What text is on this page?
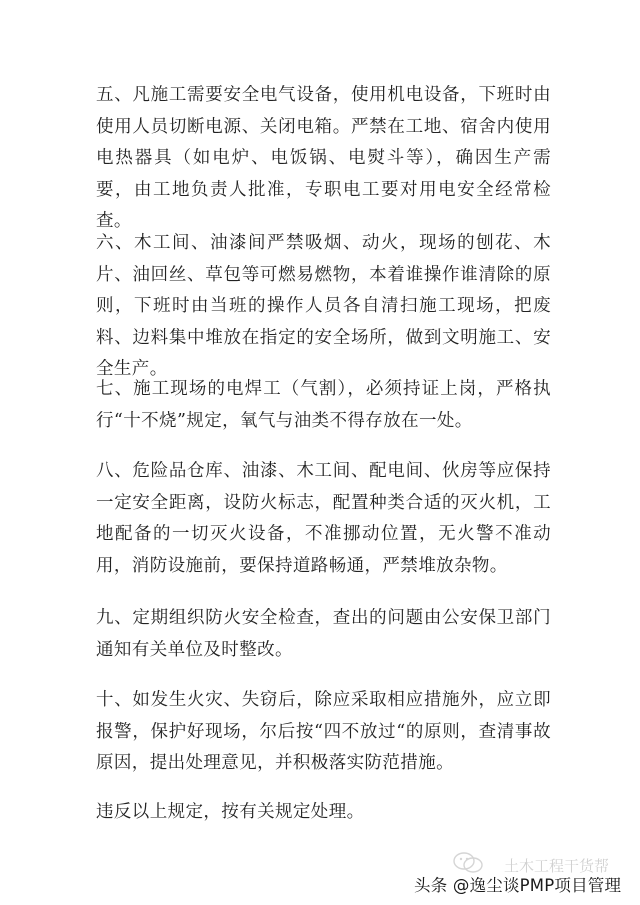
五、凡施工需要安全电气设备，使用机电设备，下班时由使用人员切断电源、关闭电箱。严禁在工地、宿舍内使用电热器具（如电炉、电饭锅、电熨斗等），确因生产需要，由工地负责人批准，专职电工要对用电安全经常检查。

六、木工间、油漆间严禁吸烟、动火，现场的刨花、木片、油回丝、草包等可燃易燃物，本着谁操作谁清除的原则，下班时由当班的操作人员各自清扫施工现场，把废料、边料集中堆放在指定的安全场所，做到文明施工、安全生产。

七、施工现场的电焊工（气割），必须持证上岗，严格执行“十不烧”规定，氧气与油类不得存放在一处。

八、危险品仓库、油漆、木工间、配电间、伙房等应保持一定安全距离，设防火标志，配置种类合适的灭火机，工地配备的一切灭火设备，不准挪动位置，无火警不准动用，消防设施前，要保持道路畅通，严禁堆放杂物。

九、定期组织防火安全检查，查出的问题由公安保卫部门通知有关单位及时整改。

十、如发生火灾、失窃后，除应采取相应措施外，应立即报警，保护好现场，尔后按“四不放过“的原则，查清事故原因，提出处理意见，并积极落实防范措施。

违反以上规定，按有关规定处理。

土木工程干货帮
头条 @逸尘谈PMP项目管理
